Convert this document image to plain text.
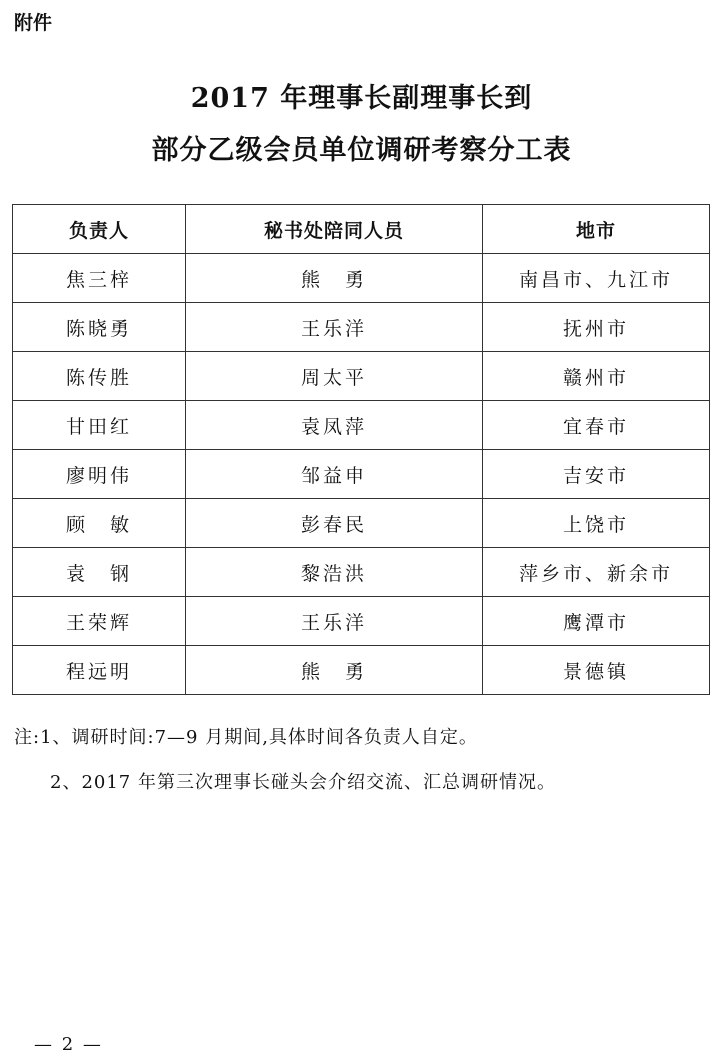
附件
2017 年理事长副理事长到
部分乙级会员单位调研考察分工表
负责人	秘书处陪同人员	地市
焦三梓	熊　勇	南昌市、九江市
陈晓勇	王乐洋	抚州市
陈传胜	周太平	赣州市
甘田红	袁凤萍	宜春市
廖明伟	邹益申	吉安市
顾　敏	彭春民	上饶市
袁　钢	黎浩洪	萍乡市、新余市
王荣辉	王乐洋	鹰潭市
程远明	熊　勇	景德镇
注:1、调研时间:7—9 月期间,具体时间各负责人自定。
2、2017 年第三次理事长碰头会介绍交流、汇总调研情况。
— 2 —
